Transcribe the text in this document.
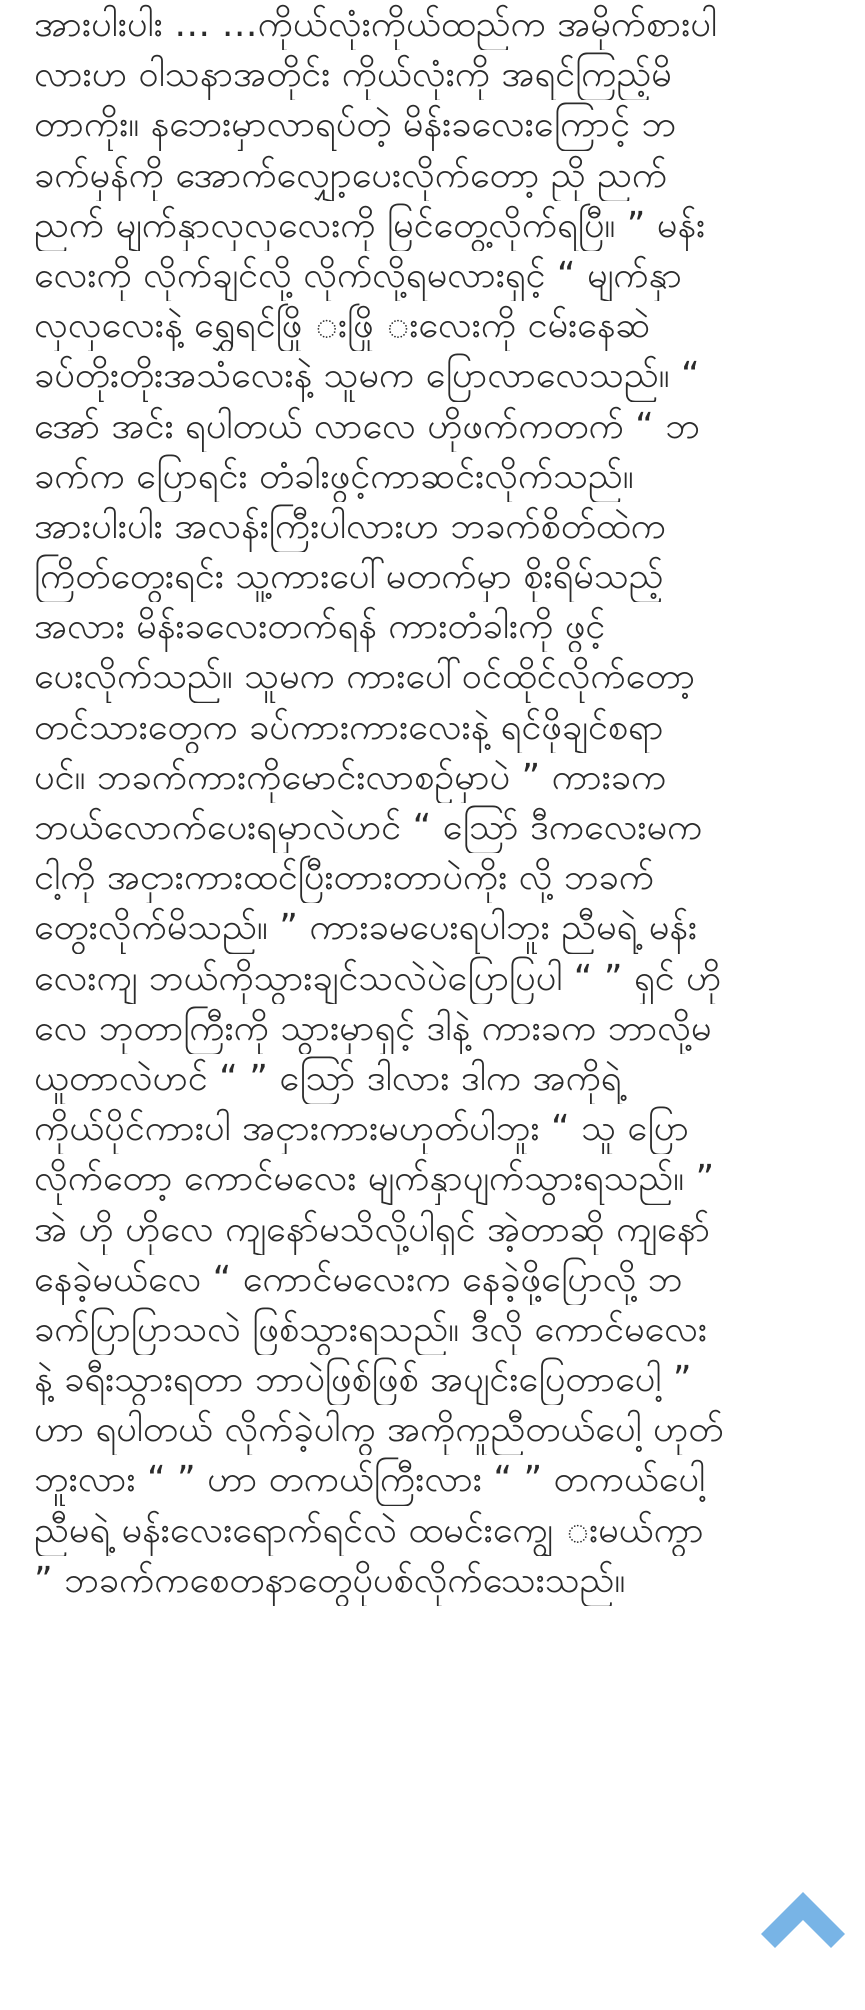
အားပါးပါး … …ကိုယ်လုံးကိုယ်ထည်က အမိုက်စားပါ
လားဟ ဝါသနာအတိုင်း ကိုယ်လုံးကို အရင်ကြည့်မိ
တာကိုး။ နဘေးမှာလာရပ်တဲ့ မိန်းခလေးကြောင့် ဘ
ခက်မှန်ကို အောက်လျှော့ပေးလိုက်တော့ ညို ညက်
ညက် မျက်နှာလှလှလေးကို မြင်တွေ့လိုက်ရပြီ။ ” မန်း
လေးကို လိုက်ချင်လို့ လိုက်လို့ရမလားရှင့် “ မျက်နှာ
လှလှလေးနဲ့ ရွှေရင်ဖြို းဖြို းလေးကို ငမ်းနေဆဲ
ခပ်တိုးတိုးအသံလေးနဲ့ သူမက ပြောလာလေသည်။ “
အော် အင်း ရပါတယ် လာလေ ဟိုဖက်ကတက် “ ဘ
ခက်က ပြောရင်း တံခါးဖွင့်ကာဆင်းလိုက်သည်။
အားပါးပါး အလန်းကြီးပါလားဟ ဘခက်စိတ်ထဲက
ကြိတ်တွေးရင်း သူ့ကားပေါ်မတက်မှာ စိုးရိမ်သည့်
အလား မိန်းခလေးတက်ရန် ကားတံခါးကို ဖွင့်
ပေးလိုက်သည်။ သူမက ကားပေါ်ဝင်ထိုင်လိုက်တော့
တင်သားတွေက ခပ်ကားကားလေးနဲ့ ရင်ဖိုချင်စရာ
ပင်။ ဘခက်ကားကိုမောင်းလာစဉ်မှာပဲ ” ကားခက
ဘယ်လောက်ပေးရမှာလဲဟင် “ ဩော် ဒီကလေးမက
ငါ့ကို အငှားကားထင်ပြီးတားတာပဲကိုး လို့ ဘခက်
တွေးလိုက်မိသည်။ ” ကားခမပေးရပါဘူး ညီမရဲ့ မန်း
လေးကျ ဘယ်ကိုသွားချင်သလဲပဲပြောပြပါ “ ” ရှင် ဟို
လေ ဘုတာကြီးကို သွားမှာရှင့် ဒါနဲ့ ကားခက ဘာလို့မ
ယူတာလဲဟင် “ ” ဩော် ဒါလား ဒါက အကိုရဲ့
ကိုယ်ပိုင်ကားပါ အငှားကားမဟုတ်ပါဘူး “ သူ ပြော
လိုက်တော့ ကောင်မလေး မျက်နှာပျက်သွားရသည်။ ”
အဲ ဟို ဟိုလေ ကျနော်မသိလို့ပါရှင် အဲ့တာဆို ကျနော်
နေခဲ့မယ်လေ “ ကောင်မလေးက နေခဲ့ဖို့ပြောလို့ ဘ
ခက်ပြာပြာသလဲ ဖြစ်သွားရသည်။ ဒီလို ကောင်မလေး
နဲ့ ခရီးသွားရတာ ဘာပဲဖြစ်ဖြစ် အပျင်းပြေတာပေါ့ ”
ဟာ ရပါတယ် လိုက်ခဲ့ပါကွ အကိုကူညီတယ်ပေါ့ ဟုတ်
ဘူးလား “ ” ဟာ တကယ်ကြီးလား “ ” တကယ်ပေါ့
ညီမရဲ့ မန်းလေးရောက်ရင်လဲ ထမင်းကျွေ းမယ်ကွာ
” ဘခက်ကစေတနာတွေပိုပစ်လိုက်သေးသည်။
